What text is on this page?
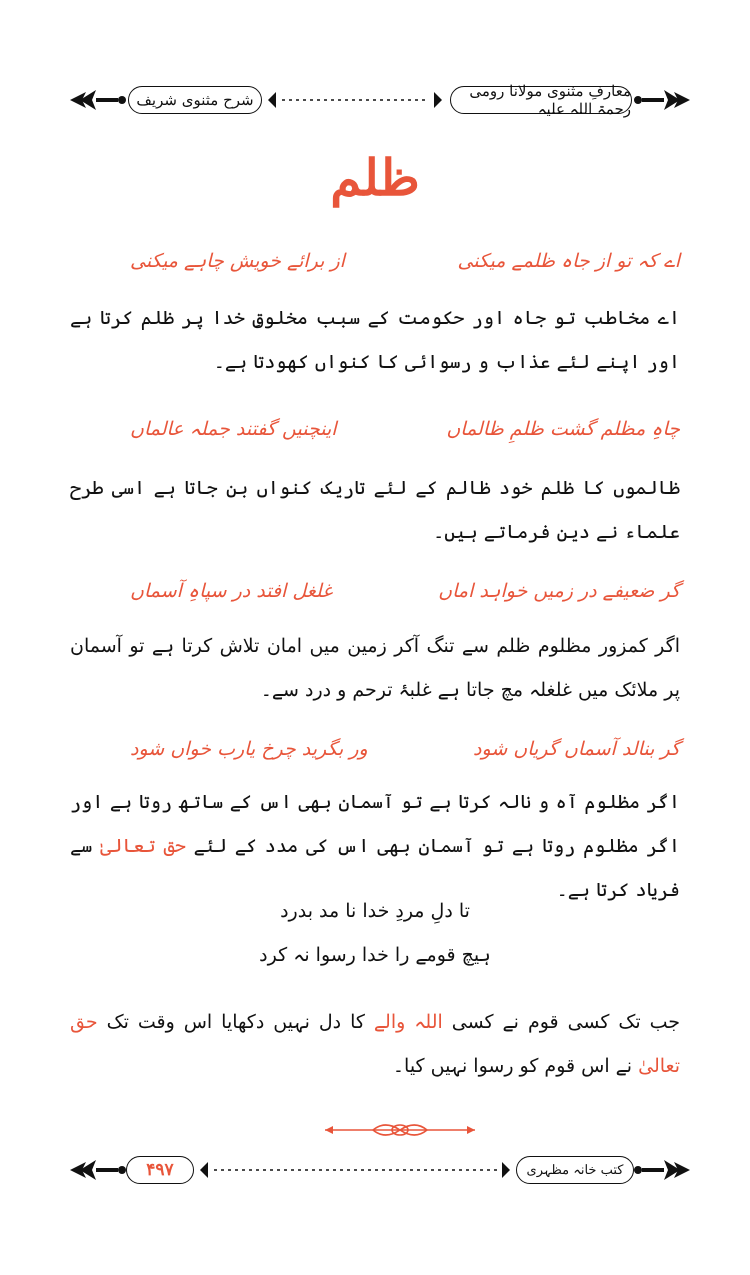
شرح مثنوی شریف	معارفِ مثنوی مولانا رومی رحمۃ اللہ علیہ
ظلم
اے کہ تو از جاہ ظلمے میکنی
از برائے خویش چاہے میکنی
اے مخاطب تو جاہ اور حکومت کے سبب مخلوقِ خدا پر ظلم کرتا ہے اور اپنے لئے عذاب و رسوائی کا کنواں کھودتا ہے۔
چاہِ مظلم گشت ظلمِ ظالماں
اینچنیں گفتند جملہ عالماں
ظالموں کا ظلم خود ظالم کے لئے تاریک کنواں بن جاتا ہے اسی طرح علماء نے دین فرماتے ہیں۔
گر ضعیفے در زمیں خواہد اماں
غلغل افتد در سپاہِ آسماں
اگر کمزور مظلوم ظلم سے تنگ آکر زمین میں امان تلاش کرتا ہے تو آسمان پر ملائک میں غلغلہ مچ جاتا ہے غلبۂ ترحم و درد سے۔
گر بنالد آسماں گریاں شود
ور بگرید چرخ یارب خواں شود
اگر مظلوم آہ و نالہ کرتا ہے تو آسمان بھی اس کے ساتھ روتا ہے اور اگر مظلوم روتا ہے تو آسمان بھی اس کی مدد کے لئے حق تعالیٰ سے فریاد کرتا ہے۔
تا دلِ مردِ خدا نا مد بدرد
ہیچ قومے را خدا رسوا نہ کرد
جب تک کسی قوم نے کسی اللہ والے کا دل نہیں دکھایا اس وقت تک حق تعالیٰ نے اس قوم کو رسوا نہیں کیا۔
۴۹۷	کتب خانہ مظہری
